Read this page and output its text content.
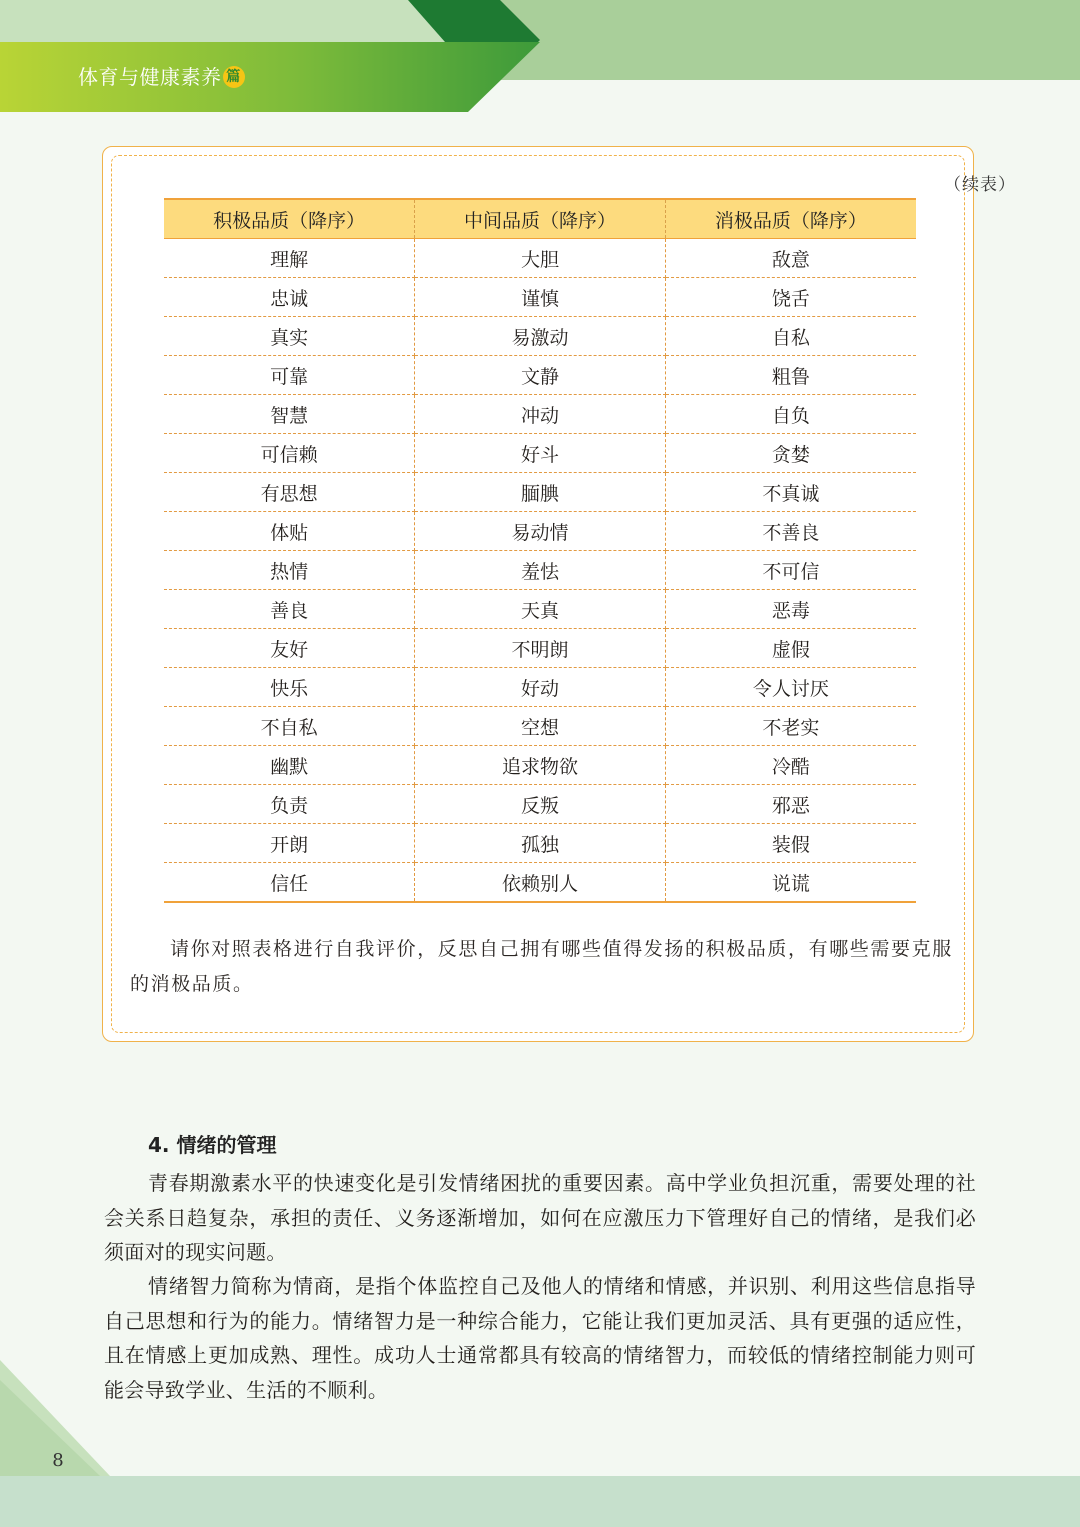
体育与健康素养 篇
（续表）
积极品质（降序）	中间品质（降序）	消极品质（降序）
理解	大胆	敌意
忠诚	谨慎	饶舌
真实	易激动	自私
可靠	文静	粗鲁
智慧	冲动	自负
可信赖	好斗	贪婪
有思想	腼腆	不真诚
体贴	易动情	不善良
热情	羞怯	不可信
善良	天真	恶毒
友好	不明朗	虚假
快乐	好动	令人讨厌
不自私	空想	不老实
幽默	追求物欲	冷酷
负责	反叛	邪恶
开朗	孤独	装假
信任	依赖别人	说谎

请你对照表格进行自我评价，反思自己拥有哪些值得发扬的积极品质，有哪些需要克服的消极品质。

4. 情绪的管理

青春期激素水平的快速变化是引发情绪困扰的重要因素。高中学业负担沉重，需要处理的社会关系日趋复杂，承担的责任、义务逐渐增加，如何在应激压力下管理好自己的情绪，是我们必须面对的现实问题。

情绪智力简称为情商，是指个体监控自己及他人的情绪和情感，并识别、利用这些信息指导自己思想和行为的能力。情绪智力是一种综合能力，它能让我们更加灵活、具有更强的适应性，且在情感上更加成熟、理性。成功人士通常都具有较高的情绪智力，而较低的情绪控制能力则可能会导致学业、生活的不顺利。

8
